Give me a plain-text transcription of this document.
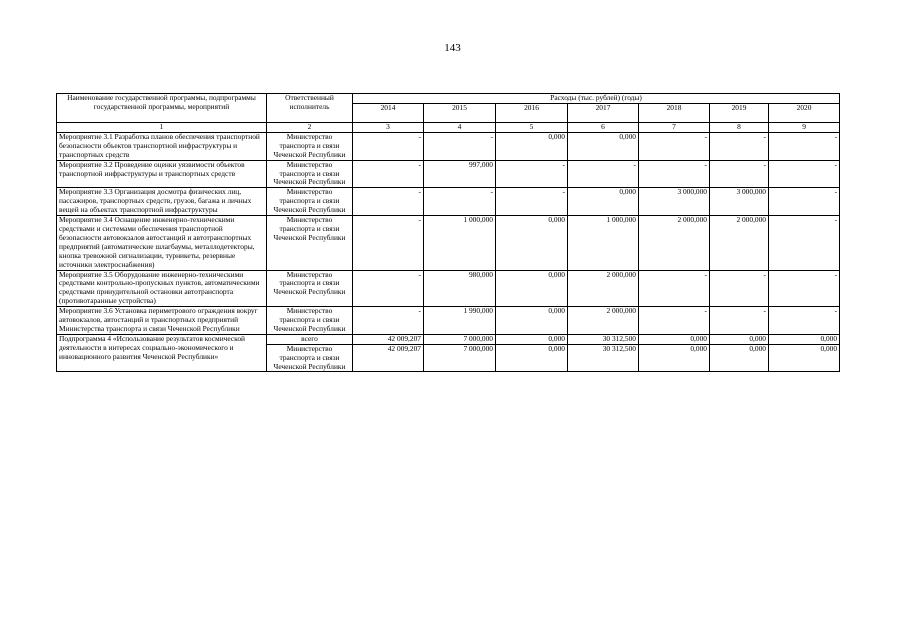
143
Наименование государственной программы, подпрограммы государственной программы, мероприятий	Ответственный исполнитель	Расходы (тыс. рублей) (годы)						
		2014	2015	2016	2017	2018	2019	2020
1	2	3	4	5	6	7	8	9
Мероприятие 3.1 Разработка планов обеспечения транспортной безопасности объектов транспортной инфраструктуры и транспортных средств	Министерство транспорта и связи Чеченской Республики	-	-	0,000	0,000	-	-	-
Мероприятие 3.2 Проведение оценки уязвимости объектов транспортной инфраструктуры и транспортных средств	Министерство транспорта и связи Чеченской Республики	-	997,000	-	-	-	-	-
Мероприятие 3.3 Организация досмотра физических лиц, пассажиров, транспортных средств, грузов, багажа и личных вещей на объектах транспортной инфраструктуры	Министерство транспорта и связи Чеченской Республики	-	-	-	0,000	3 000,000	3 000,000	-
Мероприятие 3.4 Оснащение инженерно-техническими средствами и системами обеспечения транспортной безопасности автовокзалов автостанций и автотранспортных предприятий (автоматические шлагбаумы, металлодетекторы, кнопка тревожной сигнализации, турникеты, резервные источники электроснабжения)	Министерство транспорта и связи Чеченской Республики	-	1 000,000	0,000	1 000,000	2 000,000	2 000,000	-
Мероприятие 3.5 Оборудование инженерно-техническими средствами контрольно-пропускных пунктов, автоматическими средствами принудительной остановки автотранспорта (противотаранные устройства)	Министерство транспорта и связи Чеченской Республики	-	980,000	0,000	2 000,000	-	-	-
Мероприятие 3.6 Установка периметрового ограждения вокруг автовокзалов, автостанций и транспортных предприятий Министерства транспорта и связи Чеченской Республики	Министерство транспорта и связи Чеченской Республики	-	1 990,000	0,000	2 000,000	-	-	-
Подпрограмма 4 «Использование результатов космической деятельности в интересах социально-экономического и инновационного развития Чеченской Республики»	всего	42 009,207	7 000,000	0,000	30 312,500	0,000	0,000	0,000
	Министерство транспорта и связи Чеченской Республики	42 009,207	7 000,000	0,000	30 312,500	0,000	0,000	0,000
